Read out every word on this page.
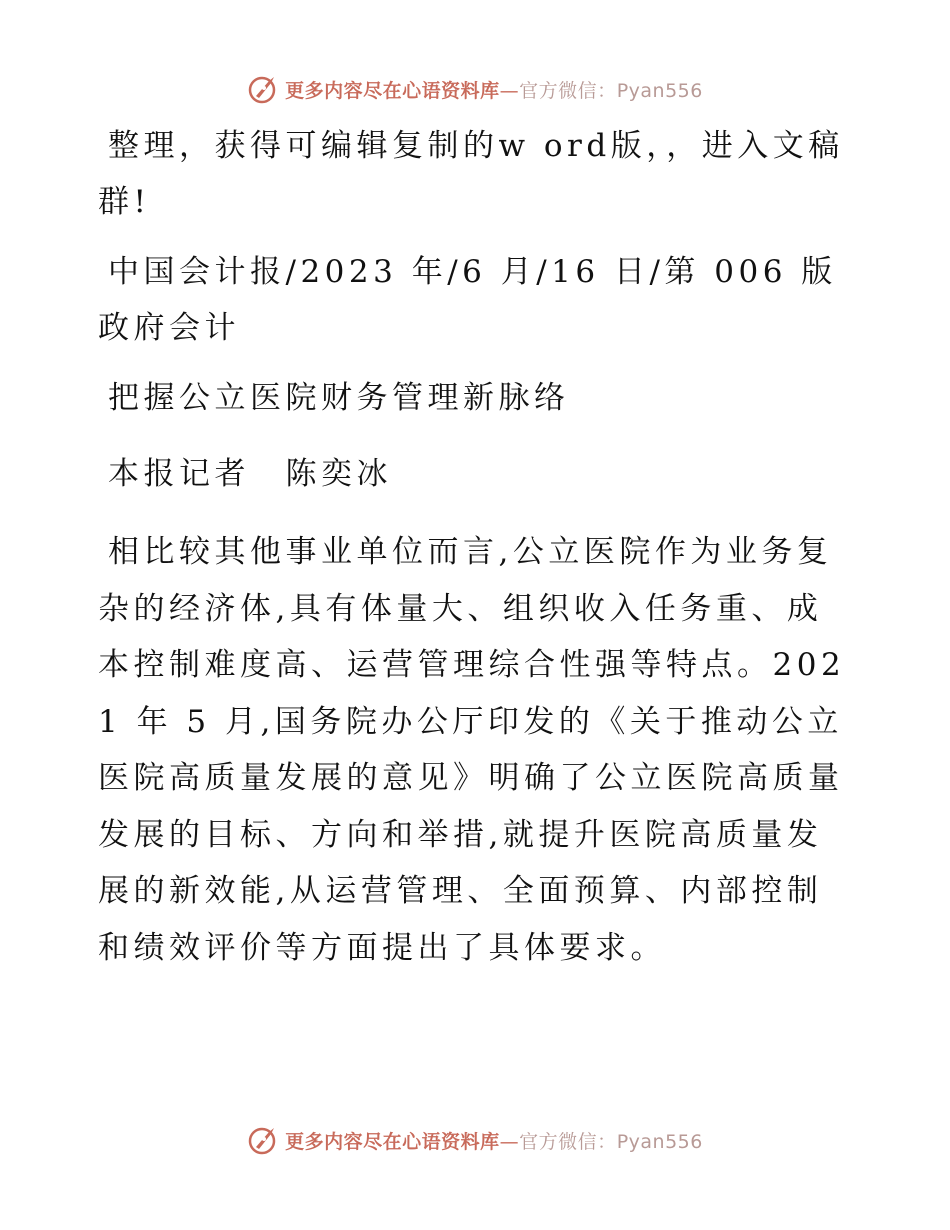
更多内容尽在心语资料库—官方微信：Pyan556

整理，获得可编辑复制的w ord版，，进入文稿群!

中国会计报/2023 年/6 月/16 日/第 006 版政府会计

把握公立医院财务管理新脉络

本报记者　陈奕冰

相比较其他事业单位而言,公立医院作为业务复杂的经济体,具有体量大、组织收入任务重、成本控制难度高、运营管理综合性强等特点。2021 年 5 月,国务院办公厅印发的《关于推动公立医院高质量发展的意见》明确了公立医院高质量发展的目标、方向和举措,就提升医院高质量发展的新效能,从运营管理、全面预算、内部控制和绩效评价等方面提出了具体要求。

更多内容尽在心语资料库—官方微信：Pyan556
